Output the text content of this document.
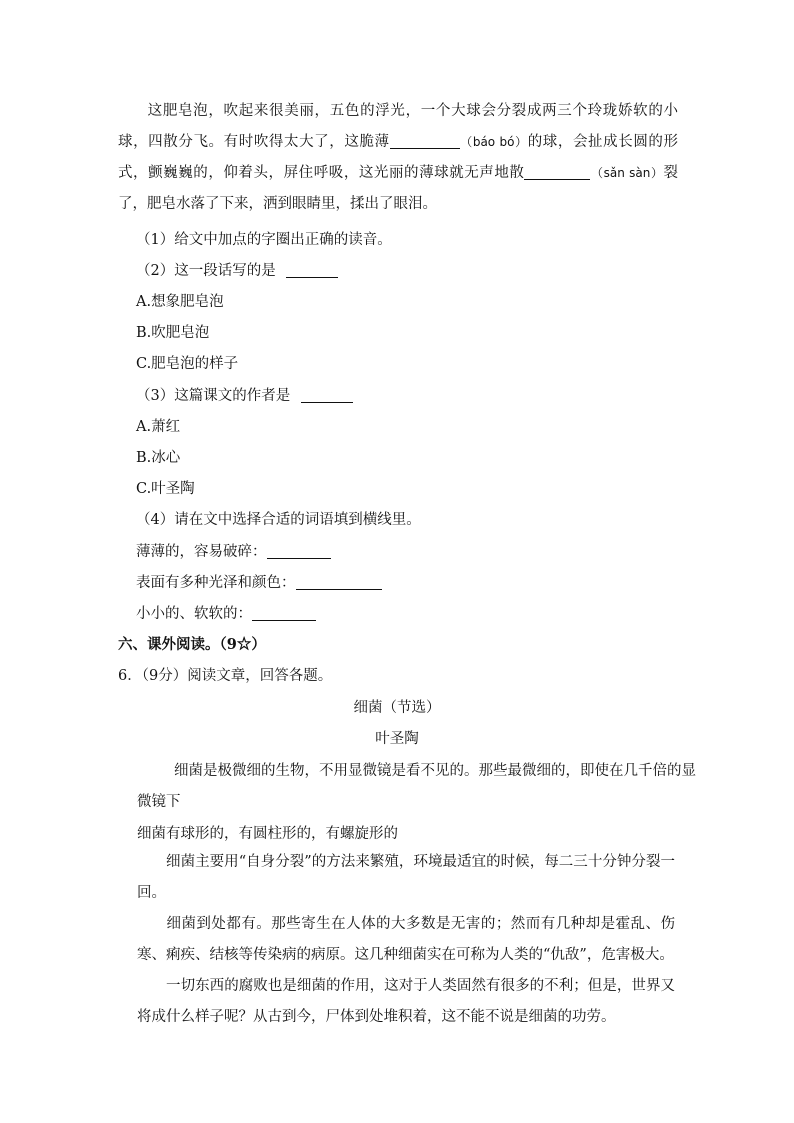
这肥皂泡，吹起来很美丽，五色的浮光，一个大球会分裂成两三个玲珑娇软的小球，四散分飞。有时吹得太大了，这脆薄	（báo bó）的球，会扯成长圆的形式，颤巍巍的，仰着头，屏住呼吸，这光丽的薄球就无声地散	（sǎn sàn）裂了，肥皂水落了下来，洒到眼睛里，揉出了眼泪。
（1）给文中加点的字圈出正确的读音。
（2）这一段话写的是
A.想象肥皂泡
B.吹肥皂泡
C.肥皂泡的样子
（3）这篇课文的作者是
A.萧红
B.冰心
C.叶圣陶
（4）请在文中选择合适的词语填到横线里。
薄薄的，容易破碎：
表面有多种光泽和颜色：
小小的、软软的：
六、课外阅读。（9☆）
6．（9分）阅读文章，回答各题。
细菌（节选）
叶圣陶
细菌是极微细的生物，不用显微镜是看不见的。那些最微细的，即使在几千倍的显
微镜下
细菌有球形的，有圆柱形的，有螺旋形的
细菌主要用“自身分裂”的方法来繁殖，环境最适宜的时候，每二三十分钟分裂一回。
细菌到处都有。那些寄生在人体的大多数是无害的；然而有几种却是霍乱、伤寒、痢疾、结核等传染病的病原。这几种细菌实在可称为人类的“仇敌”，危害极大。
一切东西的腐败也是细菌的作用，这对于人类固然有很多的不利；但是，世界又将成什么样子呢？从古到今，尸体到处堆积着，这不能不说是细菌的功劳。
